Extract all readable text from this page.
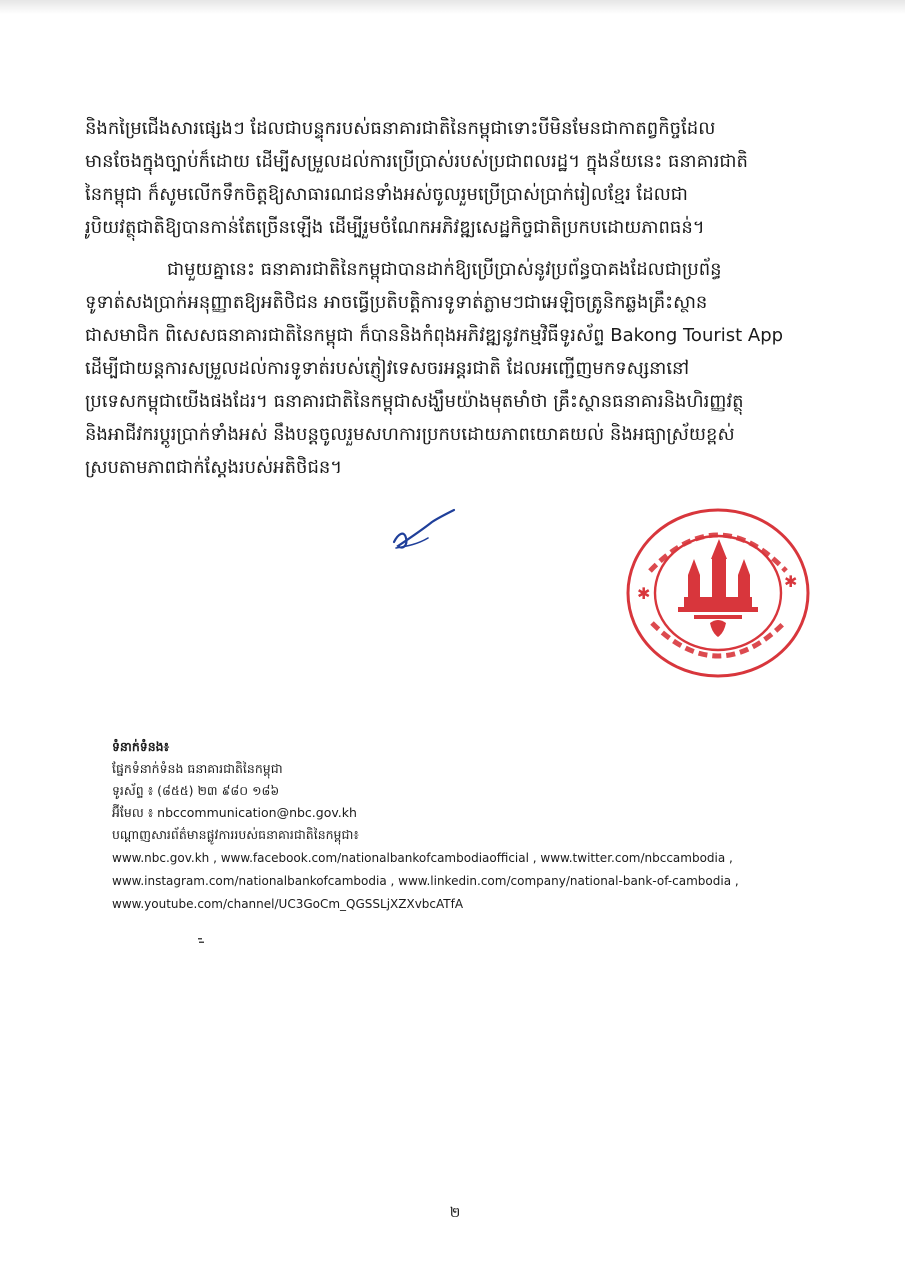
និងកម្រៃជើងសារផ្សេងៗ ដែលជាបន្ទុករបស់ធនាគារជាតិនៃកម្ពុជាទោះបីមិនមែនជាកាតព្វកិច្ចដែល
មានចែងក្នុងច្បាប់ក៏ដោយ ដើម្បីសម្រួលដល់ការប្រើប្រាស់របស់ប្រជាពលរដ្ឋ។ ក្នុងន័យនេះ ធនាគារជាតិ
នៃកម្ពុជា ក៏សូមលើកទឹកចិត្តឱ្យសាធារណជនទាំងអស់ចូលរួមប្រើប្រាស់ប្រាក់រៀលខ្មែរ ដែលជា
រូបិយវត្ថុជាតិឱ្យបានកាន់តែច្រើនឡើង ដើម្បីរួមចំណែកអភិវឌ្ឍសេដ្ឋកិច្ចជាតិប្រកបដោយភាពធន់។
ជាមួយគ្នានេះ ធនាគារជាតិនៃកម្ពុជាបានដាក់ឱ្យប្រើប្រាស់នូវប្រព័ន្ធបាគងដែលជាប្រព័ន្ធ
ទូទាត់សងប្រាក់អនុញ្ញាតឱ្យអតិថិជន អាចធ្វើប្រតិបត្តិការទូទាត់ភ្លាមៗជាអេឡិចត្រូនិកឆ្លងគ្រឹះស្ថាន
ជាសមាជិក ពិសេសធនាគារជាតិនៃកម្ពុជា ក៏បាននិងកំពុងអភិវឌ្ឍនូវកម្មវិធីទូរស័ព្ទ Bakong Tourist App
ដើម្បីជាយន្តការសម្រួលដល់ការទូទាត់របស់ភ្ញៀវទេសចរអន្តរជាតិ ដែលអញ្ជើញមកទស្សនានៅ
ប្រទេសកម្ពុជាយើងផងដែរ។ ធនាគារជាតិនៃកម្ពុជាសង្ឃឹមយ៉ាងមុតមាំថា គ្រឹះស្ថានធនាគារនិងហិរញ្ញវត្ថុ
និងអាជីវករប្តូរប្រាក់ទាំងអស់ នឹងបន្តចូលរួមសហការប្រកបដោយភាពយោគយល់ និងអធ្យាស្រ័យខ្ពស់
ស្របតាមភាពជាក់ស្តែងរបស់អតិថិជន។
✱
✱
ទំនាក់ទំនង៖
ផ្នែកទំនាក់ទំនង ធនាគារជាតិនៃកម្ពុជា
ទូរស័ព្ទ ៖ (៨៥៥) ២៣ ៩៨០ ១៨៦
អ៊ីមែល ៖ nbccommunication@nbc.gov.kh
បណ្តាញសារព័ត៌មានផ្លូវការរបស់ធនាគារជាតិនៃកម្ពុជា៖
www.nbc.gov.kh , www.facebook.com/nationalbankofcambodiaofficial , www.twitter.com/nbccambodia ,
www.instagram.com/nationalbankofcambodia , www.linkedin.com/company/national-bank-of-cambodia ,
www.youtube.com/channel/UC3GoCm_QGSSLjXZXvbcATfA
២
